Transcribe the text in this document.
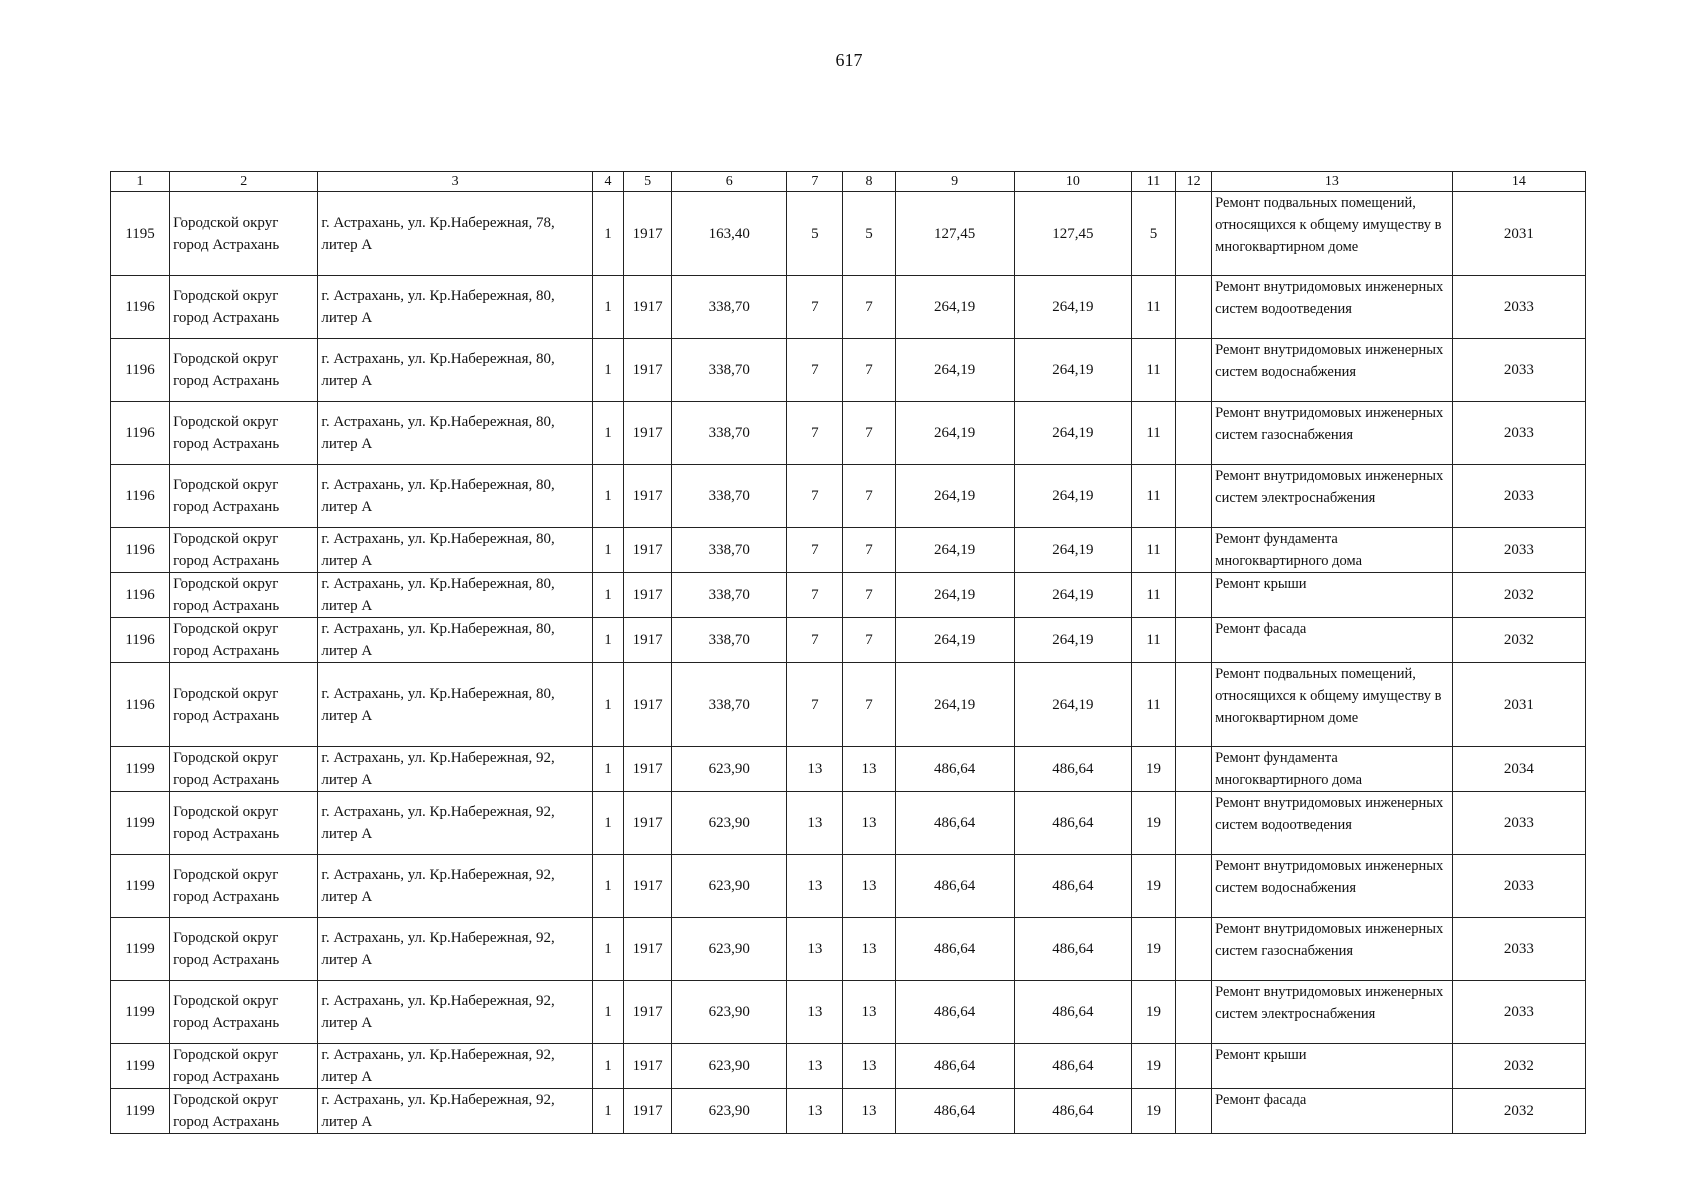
617
1	2	3	4	5	6	7	8	9	10	11	12	13	14
1195	Городской округ город Астрахань	г. Астрахань, ул. Кр.Набережная, 78, литер А	1	1917	163,40	5	5	127,45	127,45	5		Ремонт подвальных помещений, относящихся к общему имуществу в многоквартирном доме	2031
1196	Городской округ город Астрахань	г. Астрахань, ул. Кр.Набережная, 80, литер А	1	1917	338,70	7	7	264,19	264,19	11		Ремонт внутридомовых инженерных систем водоотведения	2033
1196	Городской округ город Астрахань	г. Астрахань, ул. Кр.Набережная, 80, литер А	1	1917	338,70	7	7	264,19	264,19	11		Ремонт внутридомовых инженерных систем водоснабжения	2033
1196	Городской округ город Астрахань	г. Астрахань, ул. Кр.Набережная, 80, литер А	1	1917	338,70	7	7	264,19	264,19	11		Ремонт внутридомовых инженерных систем газоснабжения	2033
1196	Городской округ город Астрахань	г. Астрахань, ул. Кр.Набережная, 80, литер А	1	1917	338,70	7	7	264,19	264,19	11		Ремонт внутридомовых инженерных систем электроснабжения	2033
1196	Городской округ город Астрахань	г. Астрахань, ул. Кр.Набережная, 80, литер А	1	1917	338,70	7	7	264,19	264,19	11		Ремонт фундамента многоквартирного дома	2033
1196	Городской округ город Астрахань	г. Астрахань, ул. Кр.Набережная, 80, литер А	1	1917	338,70	7	7	264,19	264,19	11		Ремонт крыши	2032
1196	Городской округ город Астрахань	г. Астрахань, ул. Кр.Набережная, 80, литер А	1	1917	338,70	7	7	264,19	264,19	11		Ремонт фасада	2032
1196	Городской округ город Астрахань	г. Астрахань, ул. Кр.Набережная, 80, литер А	1	1917	338,70	7	7	264,19	264,19	11		Ремонт подвальных помещений, относящихся к общему имуществу в многоквартирном доме	2031
1199	Городской округ город Астрахань	г. Астрахань, ул. Кр.Набережная, 92, литер А	1	1917	623,90	13	13	486,64	486,64	19		Ремонт фундамента многоквартирного дома	2034
1199	Городской округ город Астрахань	г. Астрахань, ул. Кр.Набережная, 92, литер А	1	1917	623,90	13	13	486,64	486,64	19		Ремонт внутридомовых инженерных систем водоотведения	2033
1199	Городской округ город Астрахань	г. Астрахань, ул. Кр.Набережная, 92, литер А	1	1917	623,90	13	13	486,64	486,64	19		Ремонт внутридомовых инженерных систем водоснабжения	2033
1199	Городской округ город Астрахань	г. Астрахань, ул. Кр.Набережная, 92, литер А	1	1917	623,90	13	13	486,64	486,64	19		Ремонт внутридомовых инженерных систем газоснабжения	2033
1199	Городской округ город Астрахань	г. Астрахань, ул. Кр.Набережная, 92, литер А	1	1917	623,90	13	13	486,64	486,64	19		Ремонт внутридомовых инженерных систем электроснабжения	2033
1199	Городской округ город Астрахань	г. Астрахань, ул. Кр.Набережная, 92, литер А	1	1917	623,90	13	13	486,64	486,64	19		Ремонт крыши	2032
1199	Городской округ город Астрахань	г. Астрахань, ул. Кр.Набережная, 92, литер А	1	1917	623,90	13	13	486,64	486,64	19		Ремонт фасада	2032
